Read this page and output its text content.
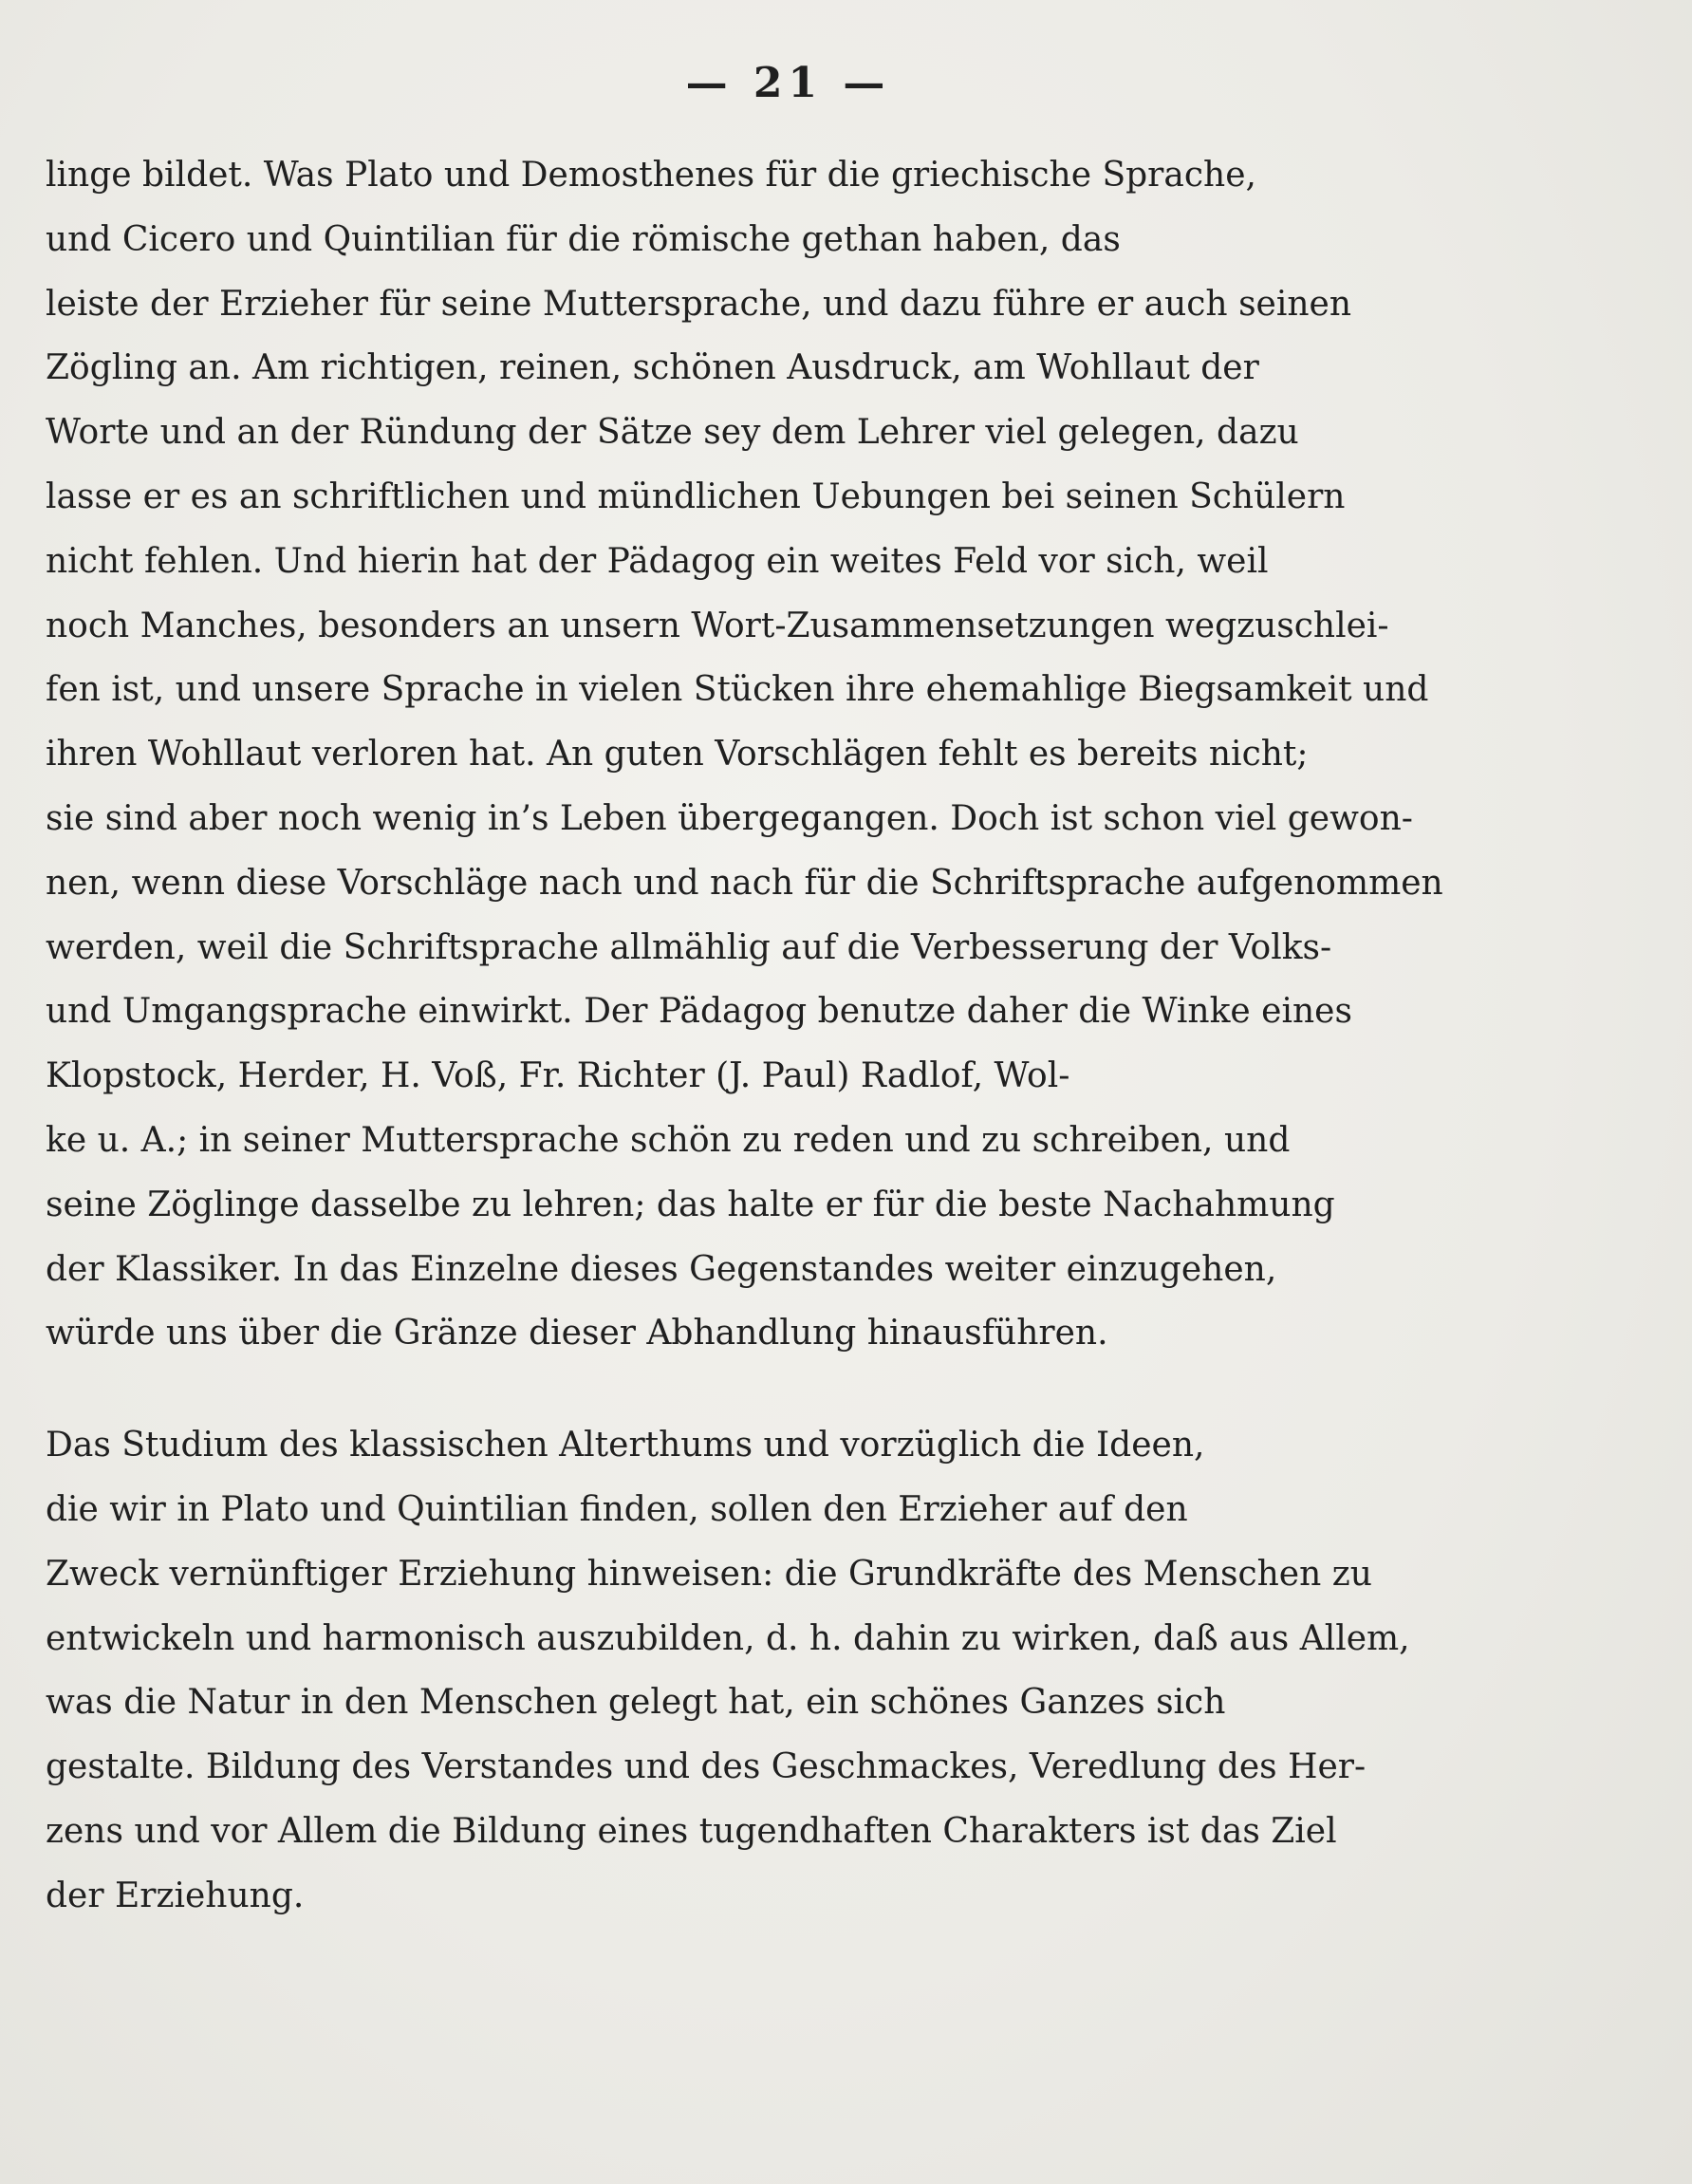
— 21 —
linge bildet. Was Plato und Demosthenes für die griechische Sprache,
und Cicero und Quintilian für die römische gethan haben, das
leiste der Erzieher für seine Muttersprache, und dazu führe er auch seinen
Zögling an. Am richtigen, reinen, schönen Ausdruck, am Wohllaut der
Worte und an der Ründung der Sätze sey dem Lehrer viel gelegen, dazu
lasse er es an schriftlichen und mündlichen Uebungen bei seinen Schülern
nicht fehlen. Und hierin hat der Pädagog ein weites Feld vor sich, weil
noch Manches, besonders an unsern Wort-Zusammensetzungen wegzuschlei-
fen ist, und unsere Sprache in vielen Stücken ihre ehemahlige Biegsamkeit und
ihren Wohllaut verloren hat. An guten Vorschlägen fehlt es bereits nicht;
sie sind aber noch wenig in’s Leben übergegangen. Doch ist schon viel gewon-
nen, wenn diese Vorschläge nach und nach für die Schriftsprache aufgenommen
werden, weil die Schriftsprache allmählig auf die Verbesserung der Volks-
und Umgangsprache einwirkt. Der Pädagog benutze daher die Winke eines
Klopstock, Herder, H. Voß, Fr. Richter (J. Paul) Radlof, Wol-
ke u. A.; in seiner Muttersprache schön zu reden und zu schreiben, und
seine Zöglinge dasselbe zu lehren; das halte er für die beste Nachahmung
der Klassiker. In das Einzelne dieses Gegenstandes weiter einzugehen,
würde uns über die Gränze dieser Abhandlung hinausführen.
Das Studium des klassischen Alterthums und vorzüglich die Ideen,
die wir in Plato und Quintilian finden, sollen den Erzieher auf den
Zweck vernünftiger Erziehung hinweisen: die Grundkräfte des Menschen zu
entwickeln und harmonisch auszubilden, d. h. dahin zu wirken, daß aus Allem,
was die Natur in den Menschen gelegt hat, ein schönes Ganzes sich
gestalte. Bildung des Verstandes und des Geschmackes, Veredlung des Her-
zens und vor Allem die Bildung eines tugendhaften Charakters ist das Ziel
der Erziehung.
